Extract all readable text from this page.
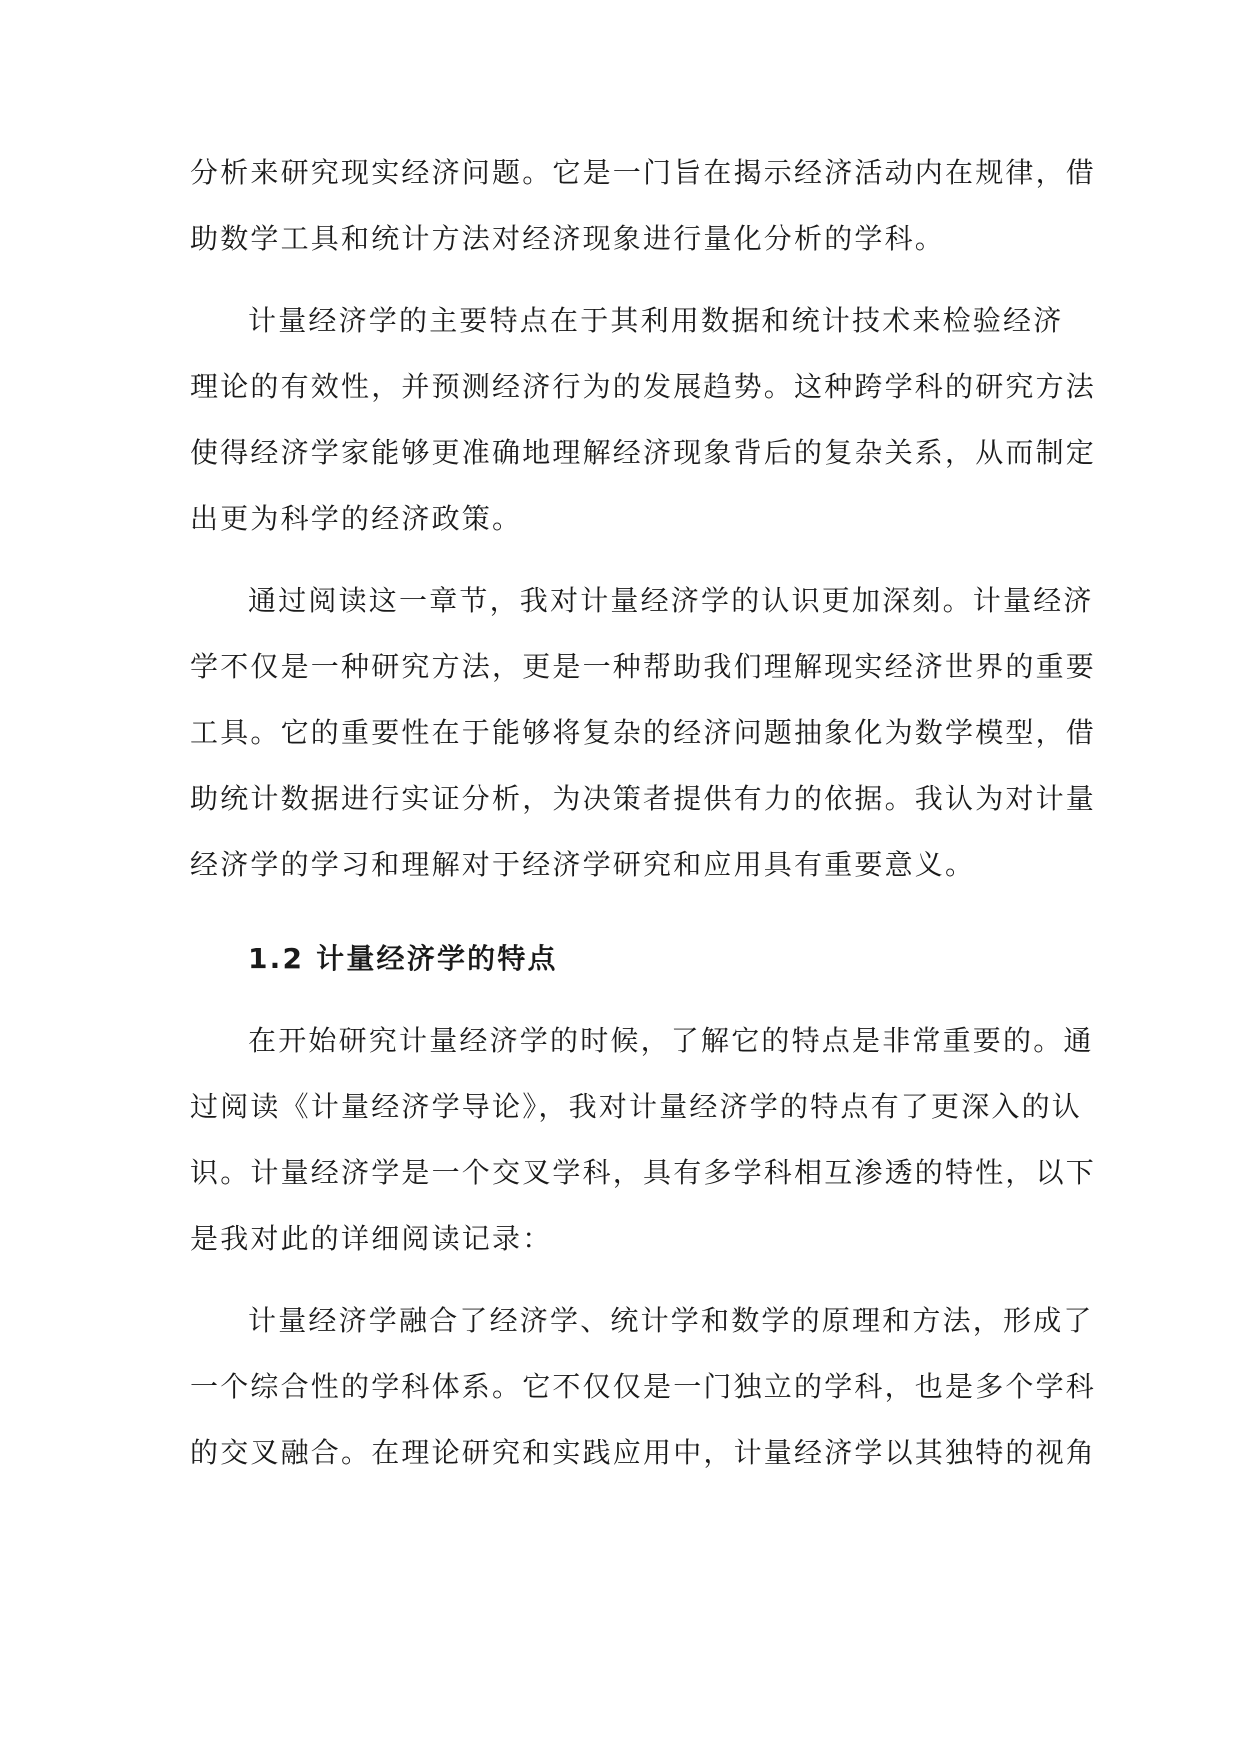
分析来研究现实经济问题。它是一门旨在揭示经济活动内在规律，借
助数学工具和统计方法对经济现象进行量化分析的学科。
计量经济学的主要特点在于其利用数据和统计技术来检验经济
理论的有效性，并预测经济行为的发展趋势。这种跨学科的研究方法
使得经济学家能够更准确地理解经济现象背后的复杂关系，从而制定
出更为科学的经济政策。
通过阅读这一章节，我对计量经济学的认识更加深刻。计量经济
学不仅是一种研究方法，更是一种帮助我们理解现实经济世界的重要
工具。它的重要性在于能够将复杂的经济问题抽象化为数学模型，借
助统计数据进行实证分析，为决策者提供有力的依据。我认为对计量
经济学的学习和理解对于经济学研究和应用具有重要意义。
1.2 计量经济学的特点
在开始研究计量经济学的时候，了解它的特点是非常重要的。通
过阅读《计量经济学导论》，我对计量经济学的特点有了更深入的认
识。计量经济学是一个交叉学科，具有多学科相互渗透的特性，以下
是我对此的详细阅读记录：
计量经济学融合了经济学、统计学和数学的原理和方法，形成了
一个综合性的学科体系。它不仅仅是一门独立的学科，也是多个学科
的交叉融合。在理论研究和实践应用中，计量经济学以其独特的视角
